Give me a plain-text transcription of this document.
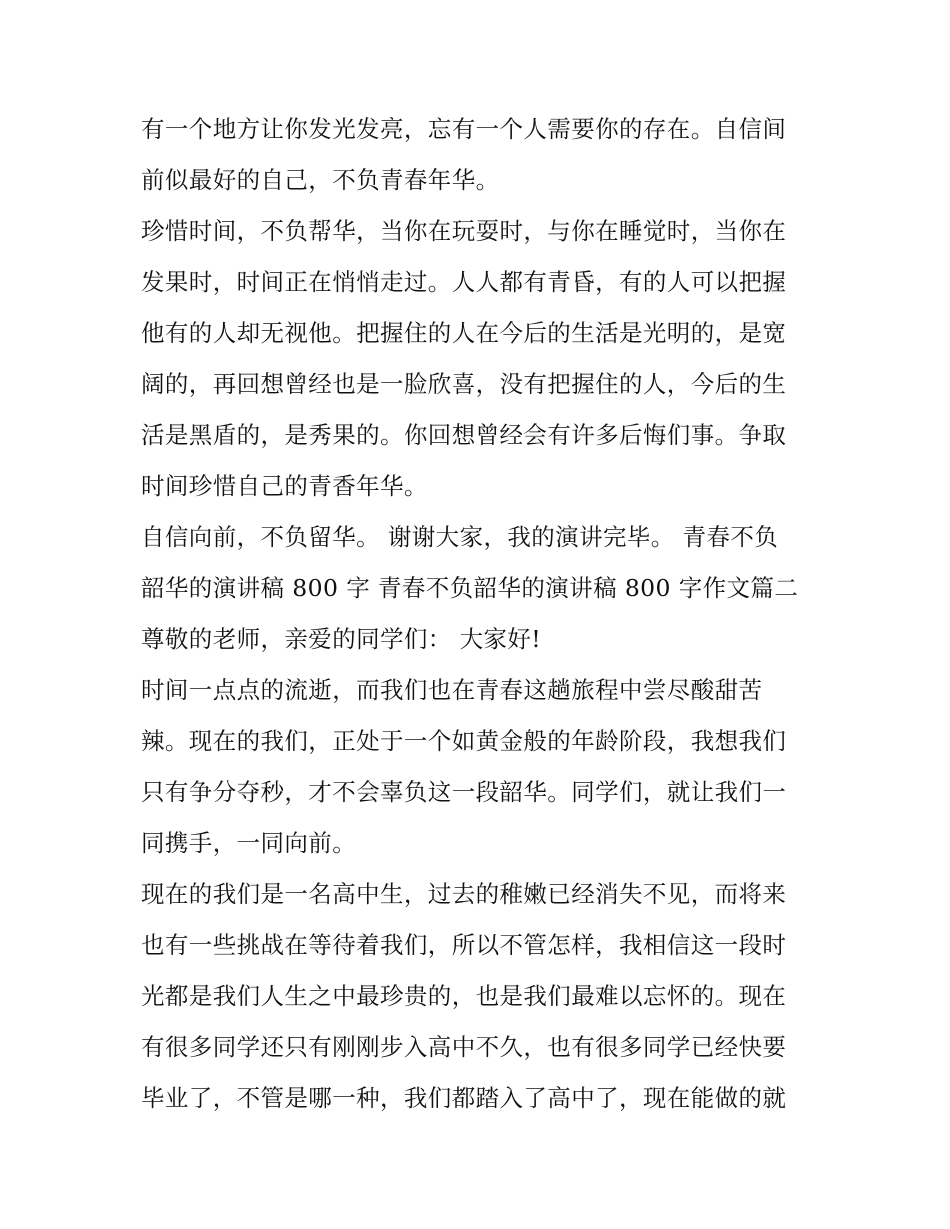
有一个地方让你发光发亮，忘有一个人需要你的存在。自信间
前似最好的自己，不负青春年华。
珍惜时间，不负帮华，当你在玩耍时，与你在睡觉时，当你在
发果时，时间正在悄悄走过。人人都有青昏，有的人可以把握
他有的人却无视他。把握住的人在今后的生活是光明的，是宽
阔的，再回想曾经也是一脸欣喜，没有把握住的人，今后的生
活是黑盾的，是秀果的。你回想曾经会有许多后悔们事。争取
时间珍惜自己的青香年华。
自信向前，不负留华。 谢谢大家，我的演讲完毕。 青春不负
韶华的演讲稿 800 字 青春不负韶华的演讲稿 800 字作文篇二
尊敬的老师，亲爱的同学们： 大家好!
时间一点点的流逝，而我们也在青春这趟旅程中尝尽酸甜苦
辣。现在的我们，正处于一个如黄金般的年龄阶段，我想我们
只有争分夺秒，才不会辜负这一段韶华。同学们，就让我们一
同携手，一同向前。
现在的我们是一名高中生，过去的稚嫩已经消失不见，而将来
也有一些挑战在等待着我们，所以不管怎样，我相信这一段时
光都是我们人生之中最珍贵的，也是我们最难以忘怀的。现在
有很多同学还只有刚刚步入高中不久，也有很多同学已经快要
毕业了，不管是哪一种，我们都踏入了高中了，现在能做的就
